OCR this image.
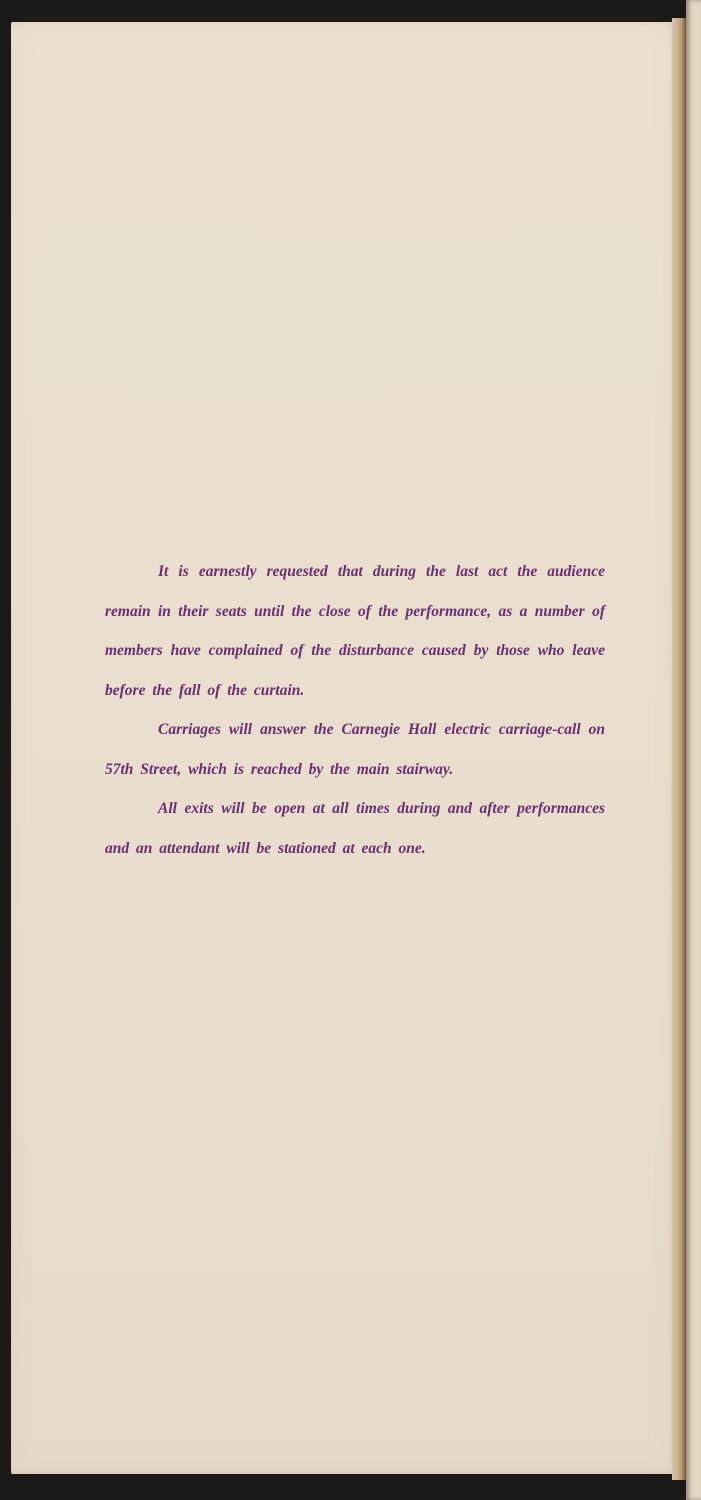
It is earnestly requested that during the last act the audience remain in their seats until the close of the performance, as a number of members have complained of the disturbance caused by those who leave before the fall of the curtain.

Carriages will answer the Carnegie Hall electric carriage-call on 57th Street, which is reached by the main stairway.

All exits will be open at all times during and after performances and an attendant will be stationed at each one.
